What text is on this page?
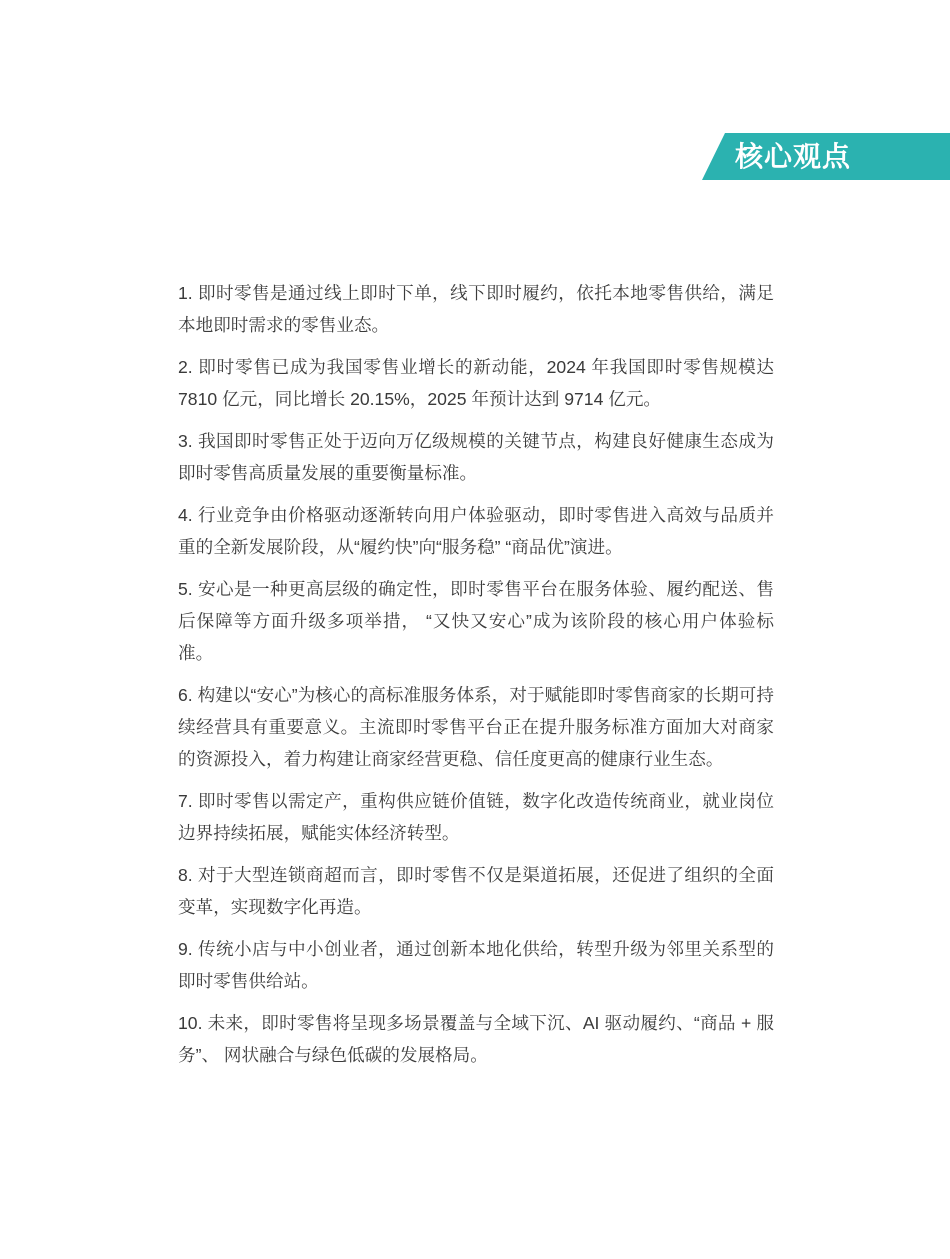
核心观点
1. 即时零售是通过线上即时下单，线下即时履约，依托本地零售供给，满足本地即时需求的零售业态。
2. 即时零售已成为我国零售业增长的新动能，2024 年我国即时零售规模达 7810 亿元，同比增长 20.15%，2025 年预计达到 9714 亿元。
3. 我国即时零售正处于迈向万亿级规模的关键节点，构建良好健康生态成为即时零售高质量发展的重要衡量标准。
4. 行业竞争由价格驱动逐渐转向用户体验驱动，即时零售进入高效与品质并重的全新发展阶段，从“履约快”向“服务稳” “商品优”演进。
5. 安心是一种更高层级的确定性，即时零售平台在服务体验、履约配送、售后保障等方面升级多项举措， “又快又安心”成为该阶段的核心用户体验标准。
6. 构建以“安心”为核心的高标准服务体系，对于赋能即时零售商家的长期可持续经营具有重要意义。主流即时零售平台正在提升服务标准方面加大对商家的资源投入，着力构建让商家经营更稳、信任度更高的健康行业生态。
7. 即时零售以需定产，重构供应链价值链，数字化改造传统商业，就业岗位边界持续拓展，赋能实体经济转型。
8. 对于大型连锁商超而言，即时零售不仅是渠道拓展，还促进了组织的全面变革，实现数字化再造。
9. 传统小店与中小创业者，通过创新本地化供给，转型升级为邻里关系型的即时零售供给站。
10. 未来，即时零售将呈现多场景覆盖与全域下沉、AI 驱动履约、“商品 + 服务”、 网状融合与绿色低碳的发展格局。
